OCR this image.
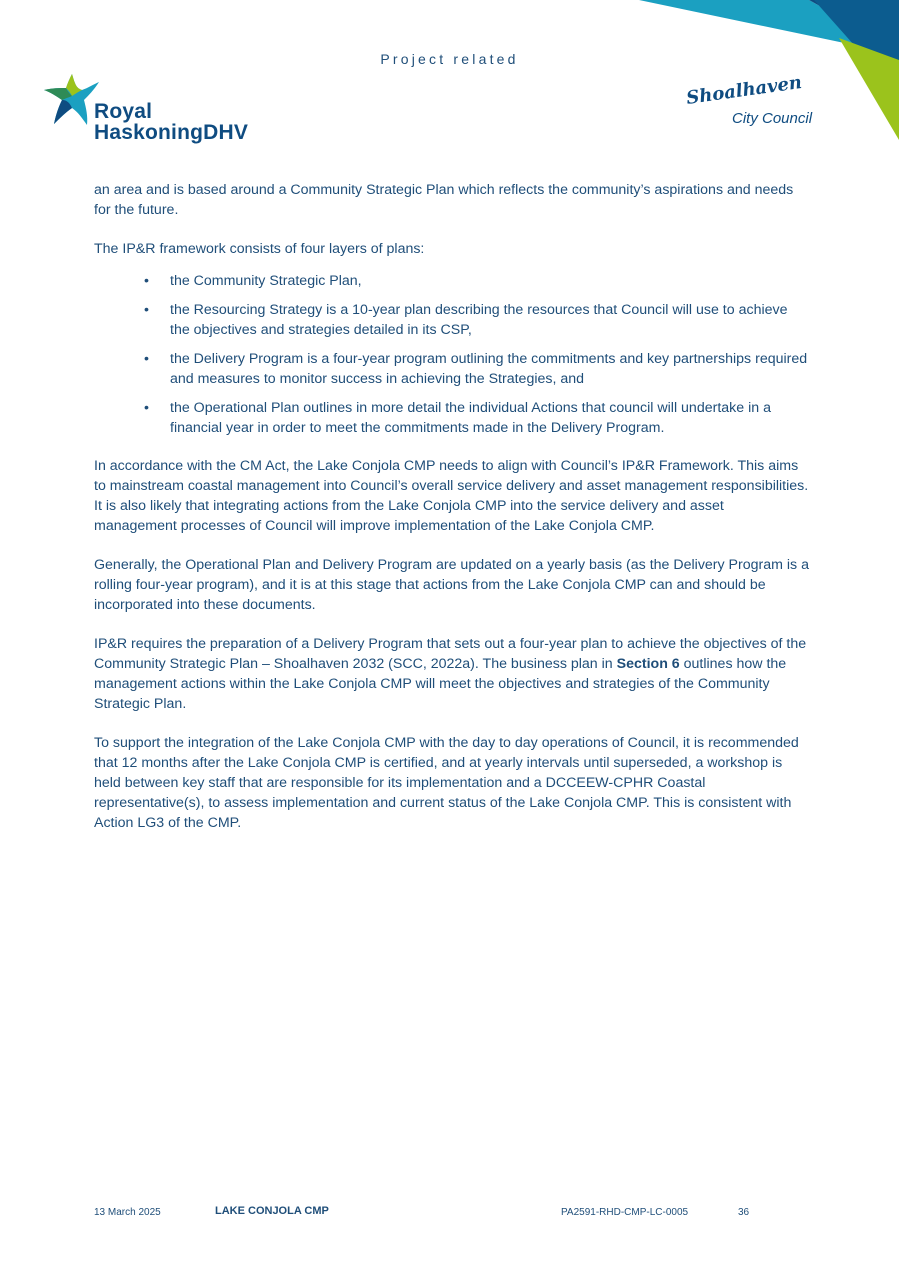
Project related
Royal
HaskoningDHV
Shoalhaven
City Council

an area and is based around a Community Strategic Plan which reflects the community’s aspirations and needs for the future.

The IP&R framework consists of four layers of plans:

• the Community Strategic Plan,
• the Resourcing Strategy is a 10-year plan describing the resources that Council will use to achieve the objectives and strategies detailed in its CSP,
• the Delivery Program is a four-year program outlining the commitments and key partnerships required and measures to monitor success in achieving the Strategies, and
• the Operational Plan outlines in more detail the individual Actions that council will undertake in a financial year in order to meet the commitments made in the Delivery Program.

In accordance with the CM Act, the Lake Conjola CMP needs to align with Council’s IP&R Framework. This aims to mainstream coastal management into Council’s overall service delivery and asset management responsibilities. It is also likely that integrating actions from the Lake Conjola CMP into the service delivery and asset management processes of Council will improve implementation of the Lake Conjola CMP.

Generally, the Operational Plan and Delivery Program are updated on a yearly basis (as the Delivery Program is a rolling four-year program), and it is at this stage that actions from the Lake Conjola CMP can and should be incorporated into these documents.

IP&R requires the preparation of a Delivery Program that sets out a four-year plan to achieve the objectives of the Community Strategic Plan – Shoalhaven 2032 (SCC, 2022a). The business plan in Section 6 outlines how the management actions within the Lake Conjola CMP will meet the objectives and strategies of the Community Strategic Plan.

To support the integration of the Lake Conjola CMP with the day to day operations of Council, it is recommended that 12 months after the Lake Conjola CMP is certified, and at yearly intervals until superseded, a workshop is held between key staff that are responsible for its implementation and a DCCEEW-CPHR Coastal representative(s), to assess implementation and current status of the Lake Conjola CMP. This is consistent with Action LG3 of the CMP.

13 March 2025	LAKE CONJOLA CMP	PA2591-RHD-CMP-LC-0005	36
